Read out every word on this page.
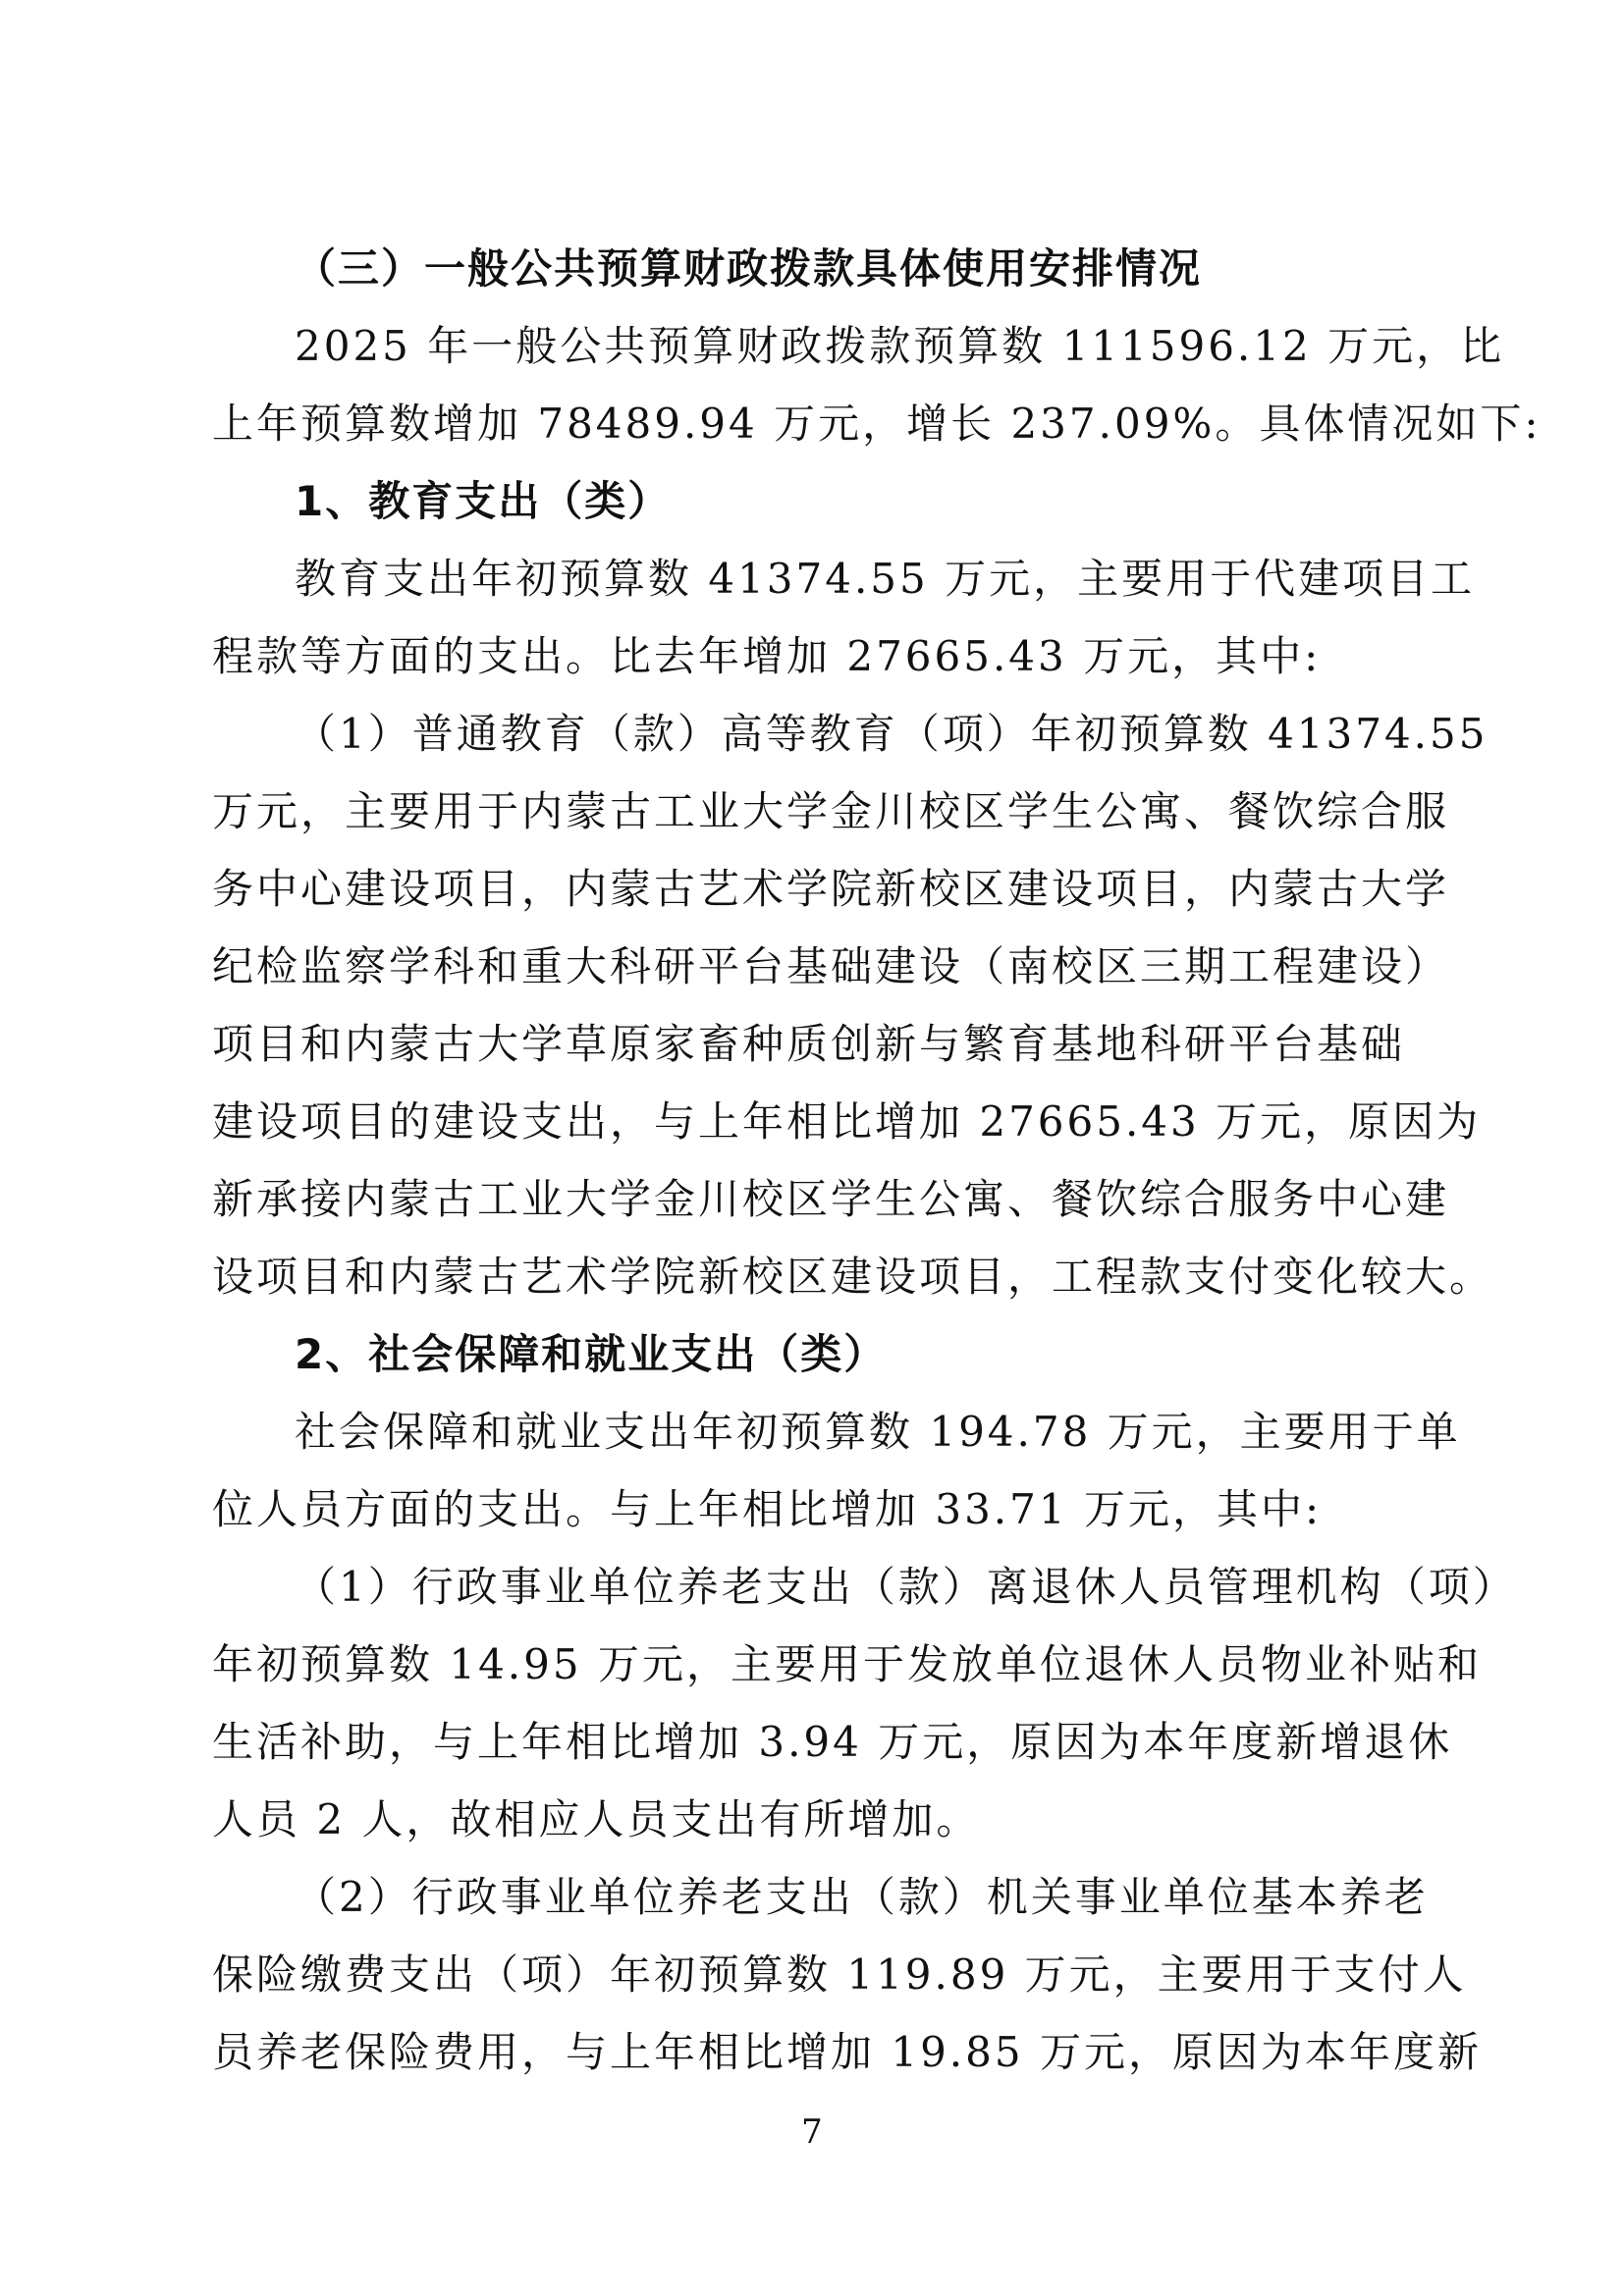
（三）一般公共预算财政拨款具体使用安排情况
2025 年一般公共预算财政拨款预算数 111596.12 万元，比
上年预算数增加 78489.94 万元，增长 237.09%。具体情况如下:
1、教育支出（类）
教育支出年初预算数 41374.55 万元，主要用于代建项目工
程款等方面的支出。比去年增加 27665.43 万元，其中:
（1）普通教育（款）高等教育（项）年初预算数 41374.55
万元，主要用于内蒙古工业大学金川校区学生公寓、餐饮综合服
务中心建设项目，内蒙古艺术学院新校区建设项目，内蒙古大学
纪检监察学科和重大科研平台基础建设（南校区三期工程建设）
项目和内蒙古大学草原家畜种质创新与繁育基地科研平台基础
建设项目的建设支出，与上年相比增加 27665.43 万元，原因为
新承接内蒙古工业大学金川校区学生公寓、餐饮综合服务中心建
设项目和内蒙古艺术学院新校区建设项目，工程款支付变化较大。
2、社会保障和就业支出（类）
社会保障和就业支出年初预算数 194.78 万元，主要用于单
位人员方面的支出。与上年相比增加 33.71 万元，其中:
（1）行政事业单位养老支出（款）离退休人员管理机构（项）
年初预算数 14.95 万元，主要用于发放单位退休人员物业补贴和
生活补助，与上年相比增加 3.94 万元，原因为本年度新增退休
人员 2 人，故相应人员支出有所增加。
（2）行政事业单位养老支出（款）机关事业单位基本养老
保险缴费支出（项）年初预算数 119.89 万元，主要用于支付人
员养老保险费用，与上年相比增加 19.85 万元，原因为本年度新
7
